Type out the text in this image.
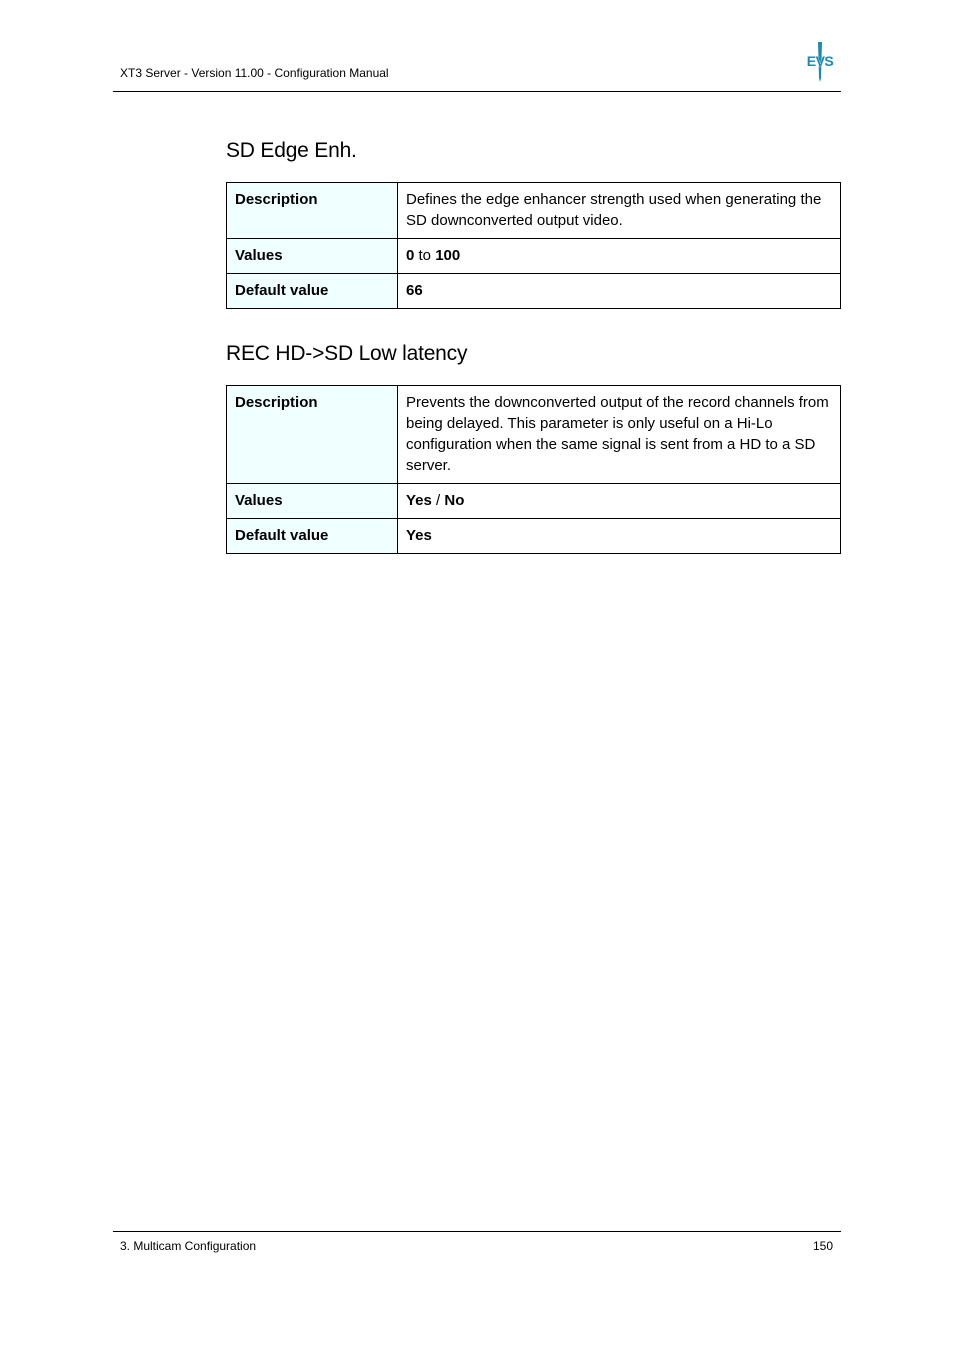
XT3 Server - Version 11.00 - Configuration Manual
EVS
SD Edge Enh.
Description	Defines the edge enhancer strength used when generating the SD downconverted output video.
Values	0 to 100
Default value	66
REC HD->SD Low latency
Description	Prevents the downconverted output of the record channels from being delayed. This parameter is only useful on a Hi-Lo configuration when the same signal is sent from a HD to a SD server.
Values	Yes / No
Default value	Yes
3. Multicam Configuration	150
